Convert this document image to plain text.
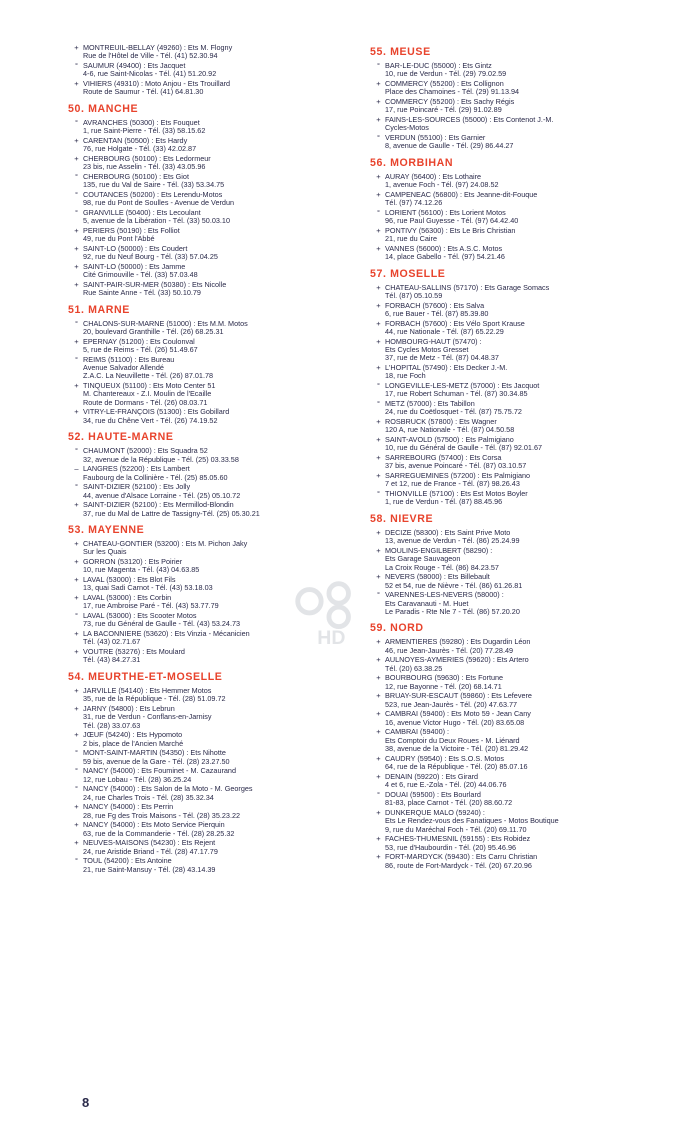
+ MONTREUIL-BELLAY (49260) : Ets M. Flogny
Rue de l'Hôtel de Ville - Tél. (41) 52.30.94
° SAUMUR (49400) : Ets Jacquet
4-6, rue Saint-Nicolas - Tél. (41) 51.20.92
+ VIHIERS (49310) : Moto Anjou - Ets Trouillard
Route de Saumur - Tél. (41) 64.81.30
50. MANCHE
° AVRANCHES (50300) : Ets Fouquet
1, rue Saint-Pierre - Tél. (33) 58.15.62
+ CARENTAN (50500) : Ets Hardy
76, rue Holgate - Tél. (33) 42.02.87
+ CHERBOURG (50100) : Ets Ledormeur
23 bis, rue Asselin - Tél. (33) 43.05.96
° CHERBOURG (50100) : Ets Giot
135, rue du Val de Saire - Tél. (33) 53.34.75
° COUTANCES (50200) : Ets Lerendu-Motos
98, rue du Pont de Soulles - Avenue de Verdun
° GRANVILLE (50400) : Ets Lecoulant
5, avenue de la Libération - Tél. (33) 50.03.10
+ PERIERS (50190) : Ets Folliot
49, rue du Pont l'Abbé
+ SAINT-LO (50000) : Ets Coudert
92, rue du Neuf Bourg - Tél. (33) 57.04.25
+ SAINT-LO (50000) : Ets Jamme
Cité Grimouville - Tél. (33) 57.03.48
+ SAINT-PAIR-SUR-MER (50380) : Ets Nicolle
Rue Sainte Anne - Tél. (33) 50.10.79
51. MARNE
° CHALONS-SUR-MARNE (51000) : Ets M.M. Motos
20, boulevard Granthille - Tél. (26) 68.25.31
+ EPERNAY (51200) : Ets Coulonval
5, rue de Reims - Tél. (26) 51.49.67
° REIMS (51100) : Ets Bureau
Avenue Salvador Allendé
Z.A.C. La Neuvillette - Tél. (26) 87.01.78
+ TINQUEUX (51100) : Ets Moto Center 51
M. Chantereaux - Z.I. Moulin de l'Ecaille
Route de Dormans - Tél. (26) 08.03.71
+ VITRY-LE-FRANÇOIS (51300) : Ets Gobillard
34, rue du Chêne Vert - Tél. (26) 74.19.52
52. HAUTE-MARNE
° CHAUMONT (52000) : Ets Squadra 52
32, avenue de la République - Tél. (25) 03.33.58
– LANGRES (52200) : Ets Lambert
Faubourg de la Collinière - Tél. (25) 85.05.60
° SAINT-DIZIER (52100) : Ets Jolly
44, avenue d'Alsace Lorraine - Tél. (25) 05.10.72
+ SAINT-DIZIER (52100) : Ets Mermillod-Blondin
37, rue du Mal de Lattre de Tassigny-Tél. (25) 05.30.21
53. MAYENNE
+ CHATEAU-GONTIER (53200) : Ets M. Pichon Jaky
Sur les Quais
+ GORRON (53120) : Ets Poirier
10, rue Magenta - Tél. (43) 04.63.85
+ LAVAL (53000) : Ets Blot Fils
13, quai Sadi Carnot - Tél. (43) 53.18.03
+ LAVAL (53000) : Ets Corbin
17, rue Ambroise Paré - Tél. (43) 53.77.79
° LAVAL (53000) : Ets Scooter Motos
73, rue du Général de Gaulle - Tél. (43) 53.24.73
+ LA BACONNIERE (53620) : Ets Vinzia - Mécanicien
Tél. (43) 02.71.67
+ VOUTRE (53276) : Ets Moulard
Tél. (43) 84.27.31
54. MEURTHE-ET-MOSELLE
+ JARVILLE (54140) : Ets Hemmer Motos
35, rue de la République - Tél. (28) 51.09.72
+ JARNY (54800) : Ets Lebrun
31, rue de Verdun - Conflans-en-Jarnisy
Tél. (28) 33.07.63
+ JŒUF (54240) : Ets Hypomoto
2 bis, place de l'Ancien Marché
° MONT-SAINT-MARTIN (54350) : Ets Nihotte
59 bis, avenue de la Gare - Tél. (28) 23.27.50
° NANCY (54000) : Ets Fouminet - M. Cazaurand
12, rue Lobau - Tél. (28) 36.25.24
° NANCY (54000) : Ets Salon de la Moto - M. Georges
24, rue Charles Trois - Tél. (28) 35.32.34
+ NANCY (54000) : Ets Perrin
28, rue Fg des Trois Maisons - Tél. (28) 35.23.22
+ NANCY (54000) : Ets Moto Service Pierquin
63, rue de la Commanderie - Tél. (28) 28.25.32
+ NEUVES-MAISONS (54230) : Ets Rejent
24, rue Aristide Briand - Tél. (28) 47.17.79
° TOUL (54200) : Ets Antoine
21, rue Saint-Mansuy - Tél. (28) 43.14.39
55. MEUSE
° BAR-LE-DUC (55000) : Ets Gintz
10, rue de Verdun - Tél. (29) 79.02.59
+ COMMERCY (55200) : Ets Collignon
Place des Chamoines - Tél. (29) 91.13.94
+ COMMERCY (55200) : Ets Sachy Régis
17, rue Poincaré - Tél. (29) 91.02.89
+ FAINS-LES-SOURCES (55000) : Ets Contenot J.-M.
Cycles-Motos
° VERDUN (55100) : Ets Garnier
8, avenue de Gaulle - Tél. (29) 86.44.27
56. MORBIHAN
+ AURAY (56400) : Ets Lothaire
1, avenue Foch - Tél. (97) 24.08.52
+ CAMPENEAC (56800) : Ets Jeanne-dit-Fouque
Tél. (97) 74.12.26
° LORIENT (56100) : Ets Lorient Motos
96, rue Paul Guyesse - Tél. (97) 64.42.40
+ PONTIVY (56300) : Ets Le Bris Christian
21, rue du Caire
+ VANNES (56000) : Ets A.S.C. Motos
14, place Gabello - Tél. (97) 54.21.46
57. MOSELLE
+ CHATEAU-SALLINS (57170) : Ets Garage Somacs
Tél. (87) 05.10.59
+ FORBACH (57600) : Ets Salva
6, rue Bauer - Tél. (87) 85.39.80
+ FORBACH (57600) : Ets Vélo Sport Krause
44, rue Nationale - Tél. (87) 65.22.29
+ HOMBOURG-HAUT (57470) :
Ets Cycles Motos Gresset
37, rue de Metz - Tél. (87) 04.48.37
+ L'HOPITAL (57490) : Ets Decker J.-M.
18, rue Foch
° LONGEVILLE-LES-METZ (57000) : Ets Jacquot
17, rue Robert Schuman - Tél. (87) 30.34.85
° METZ (57000) : Ets Tabillon
24, rue du Coëtlosquet - Tél. (87) 75.75.72
+ ROSBRUCK (57800) : Ets Wagner
120 A, rue Nationale - Tél. (87) 04.50.58
+ SAINT-AVOLD (57500) : Ets Palmigiano
10, rue du Général de Gaulle - Tél. (87) 92.01.67
+ SARREBOURG (57400) : Ets Corsa
37 bis, avenue Poincaré - Tél. (87) 03.10.57
+ SARREGUEMINES (57200) : Ets Palmigiano
7 et 12, rue de France - Tél. (87) 98.26.43
° THIONVILLE (57100) : Ets Est Motos Boyler
1, rue de Verdun - Tél. (87) 88.45.96
58. NIEVRE
+ DECIZE (58300) : Ets Saint Prive Moto
13, avenue de Verdun - Tél. (86) 25.24.99
+ MOULINS-ENGILBERT (58290) :
Ets Garage Sauvageon
La Croix Rouge - Tél. (86) 84.23.57
+ NEVERS (58000) : Ets Billebault
52 et 54, rue de Nièvre - Tél. (86) 61.26.81
° VARENNES-LES-NEVERS (58000) :
Ets Caravanauti - M. Huet
Le Paradis - Rte Nle 7 - Tél. (86) 57.20.20
59. NORD
+ ARMENTIERES (59280) : Ets Dugardin Léon
46, rue Jean-Jaurès - Tél. (20) 77.28.49
+ AULNOYES-AYMERIES (59620) : Ets Artero
Tél. (20) 63.38.25
+ BOURBOURG (59630) : Ets Fortune
12, rue Bayonne - Tél. (20) 68.14.71
+ BRUAY-SUR-ESCAUT (59860) : Ets Lefevere
523, rue Jean-Jaurès - Tél. (20) 47.63.77
+ CAMBRAI (59400) : Ets Moto 59 - Jean Cany
16, avenue Victor Hugo - Tél. (20) 83.65.08
+ CAMBRAI (59400) :
Ets Comptoir du Deux Roues - M. Liénard
38, avenue de la Victoire - Tél. (20) 81.29.42
+ CAUDRY (59540) : Ets S.O.S. Motos
64, rue de la République - Tél. (20) 85.07.16
+ DENAIN (59220) : Ets Girard
4 et 6, rue E.-Zola - Tél. (20) 44.06.76
° DOUAI (59500) : Ets Bourlard
81-83, place Carnot - Tél. (20) 88.60.72
+ DUNKERQUE MALO (59240) :
Ets Le Rendez-vous des Fanatiques - Motos Boutique
9, rue du Maréchal Foch - Tél. (20) 69.11.70
+ FACHES-THUMESNIL (59155) : Ets Robidez
53, rue d'Haubourdin - Tél. (20) 95.46.96
+ FORT-MARDYCK (59430) : Ets Carru Christian
86, route de Fort-Mardyck - Tél. (20) 67.20.96
HD
8
